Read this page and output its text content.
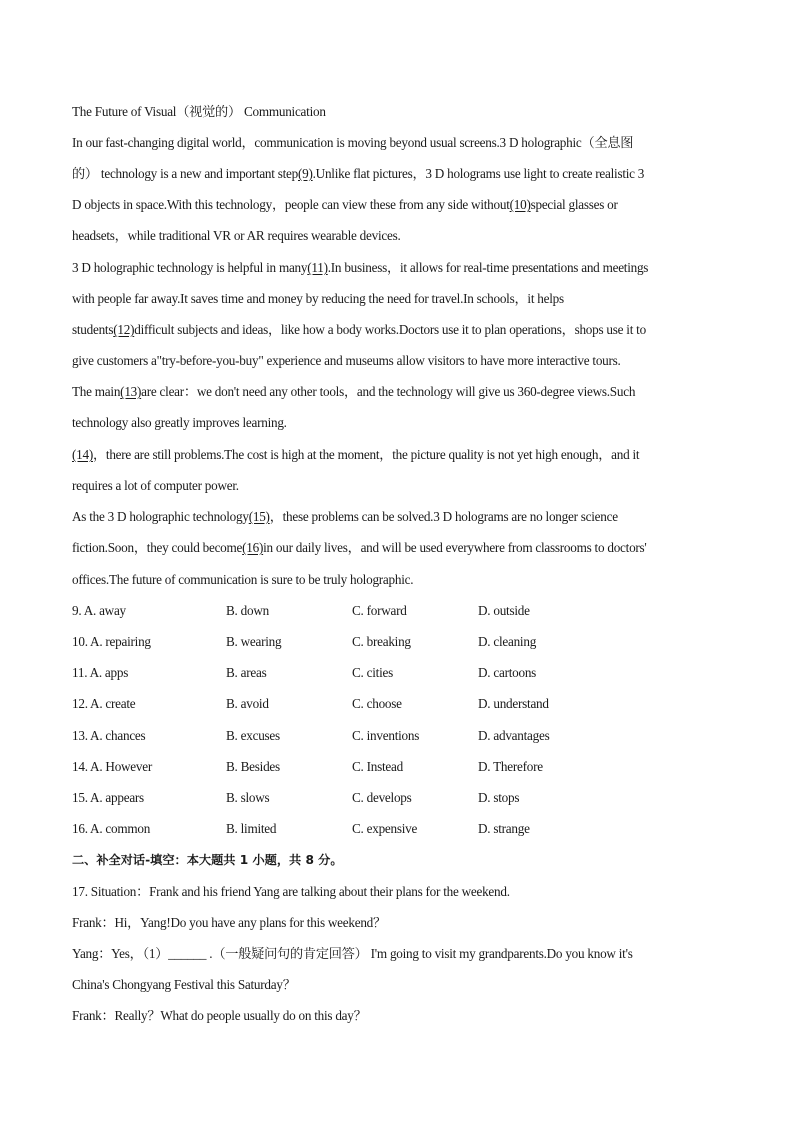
The Future of Visual（视觉的） Communication
In our fast-changing digital world，communication is moving beyond usual screens.3 D holographic（全息图
的） technology is a new and important step(9).Unlike flat pictures，3 D holograms use light to create realistic 3
D objects in space.With this technology，people can view these from any side without(10)special glasses or
headsets，while traditional VR or AR requires wearable devices.
3 D holographic technology is helpful in many(11).In business，it allows for real-time presentations and meetings
with people far away.It saves time and money by reducing the need for travel.In schools，it helps
students(12)difficult subjects and ideas，like how a body works.Doctors use it to plan operations，shops use it to
give customers a"try-before-you-buy" experience and museums allow visitors to have more interactive tours.
The main(13)are clear：we don't need any other tools，and the technology will give us 360-degree views.Such
technology also greatly improves learning.
(14)，there are still problems.The cost is high at the moment，the picture quality is not yet high enough，and it
requires a lot of computer power.
As the 3 D holographic technology(15)，these problems can be solved.3 D holograms are no longer science
fiction.Soon，they could become(16)in our daily lives，and will be used everywhere from classrooms to doctors'
offices.The future of communication is sure to be truly holographic.
9. A. away	B. down	C. forward	D. outside
10. A. repairing	B. wearing	C. breaking	D. cleaning
11. A. apps	B. areas	C. cities	D. cartoons
12. A. create	B. avoid	C. choose	D. understand
13. A. chances	B. excuses	C. inventions	D. advantages
14. A. However	B. Besides	C. Instead	D. Therefore
15. A. appears	B. slows	C. develops	D. stops
16. A. common	B. limited	C. expensive	D. strange
二、补全对话-填空：本大题共 1 小题，共 8 分。
17. Situation：Frank and his friend Yang are talking about their plans for the weekend.
Frank：Hi，Yang!Do you have any plans for this weekend？
Yang：Yes，（1）______ .（一般疑问句的肯定回答） I'm going to visit my grandparents.Do you know it's
China's Chongyang Festival this Saturday？
Frank：Really？What do people usually do on this day？
